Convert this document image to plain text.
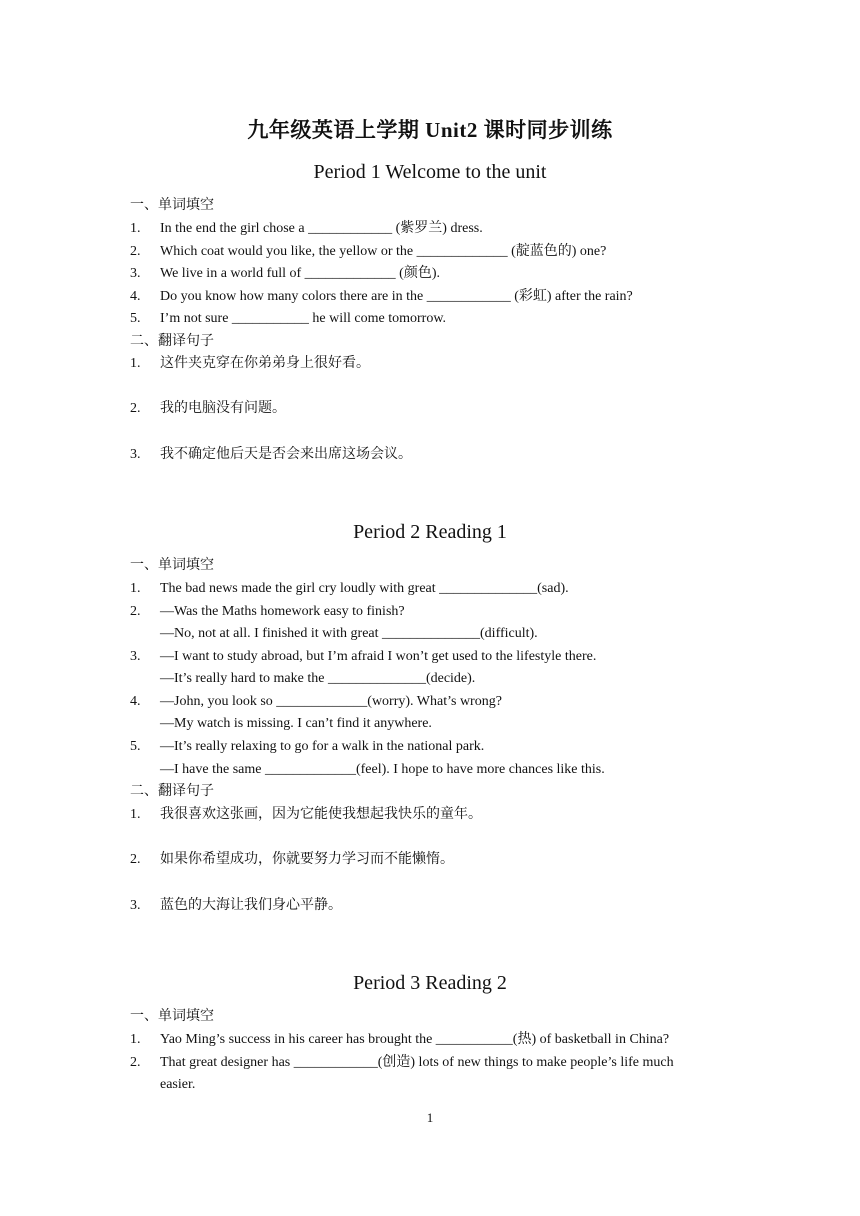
九年级英语上学期 Unit2 课时同步训练
Period 1 Welcome to the unit
一、单词填空
1. In the end the girl chose a ____________ (紫罗兰) dress.
2. Which coat would you like, the yellow or the _____________ (靛蓝色的) one?
3. We live in a world full of _____________ (颜色).
4. Do you know how many colors there are in the ____________ (彩虹) after the rain?
5. I’m not sure ___________ he will come tomorrow.
二、翻译句子
1. 这件夹克穿在你弟弟身上很好看。
2. 我的电脑没有问题。
3. 我不确定他后天是否会来出席这场会议。
Period 2 Reading 1
一、单词填空
1. The bad news made the girl cry loudly with great ______________(sad).
2. —Was the Maths homework easy to finish?
—No, not at all. I finished it with great ______________(difficult).
3. —I want to study abroad, but I’m afraid I won’t get used to the lifestyle there.
—It’s really hard to make the ______________(decide).
4. —John, you look so _____________(worry). What’s wrong?
—My watch is missing. I can’t find it anywhere.
5. —It’s really relaxing to go for a walk in the national park.
—I have the same _____________(feel). I hope to have more chances like this.
二、翻译句子
1. 我很喜欢这张画，因为它能使我想起我快乐的童年。
2. 如果你希望成功，你就要努力学习而不能懒惰。
3. 蓝色的大海让我们身心平静。
Period 3 Reading 2
一、单词填空
1. Yao Ming’s success in his career has brought the ___________(热) of basketball in China?
2. That great designer has ____________(创造) lots of new things to make people’s life much
easier.
1
